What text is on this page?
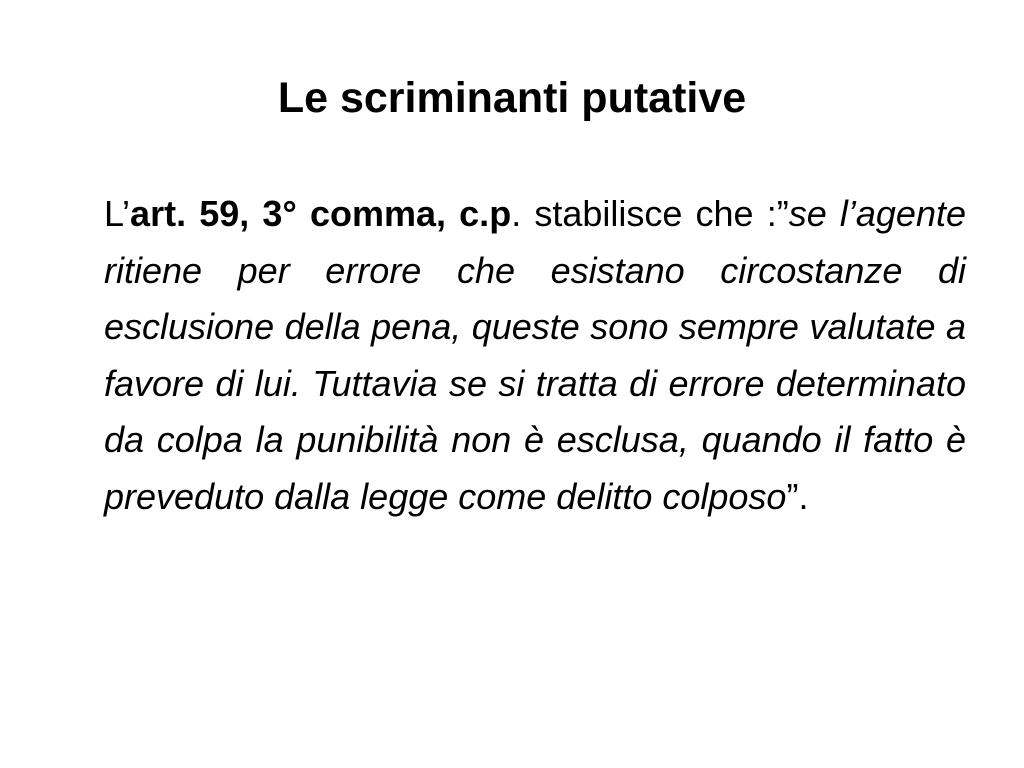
Le scriminanti putative

L’art. 59, 3° comma, c.p. stabilisce che :”se l’agente ritiene per errore che esistano circostanze di esclusione della pena, queste sono sempre valutate a favore di lui. Tuttavia se si tratta di errore determinato da colpa la punibilità non è esclusa, quando il fatto è preveduto dalla legge come delitto colposo”.
